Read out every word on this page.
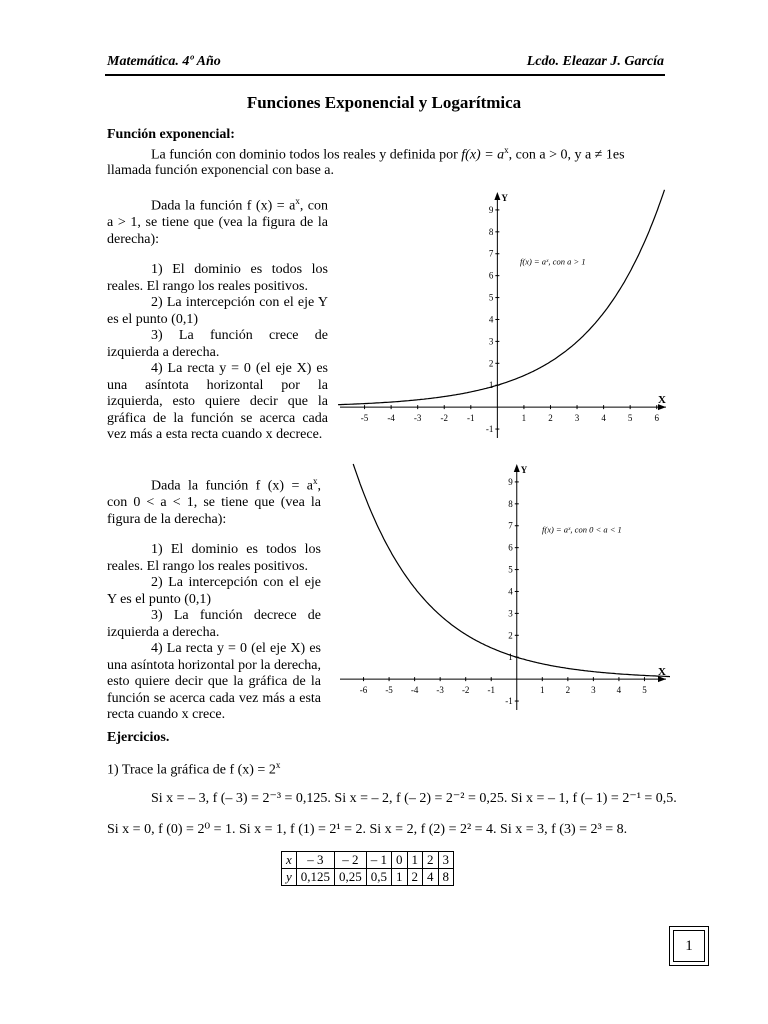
Matemática. 4º Año	Lcdo. Eleazar J. García
Funciones Exponencial y Logarítmica
Función exponencial:
La función con dominio todos los reales y definida por $f(x) = a^x$, con a > 0, y a ≠ 1es
llamada función exponencial con base a.

Dada la función f $(x) = a^x$, con a > 1, se tiene que (vea la figura de la derecha):

1) El dominio es todos los reales. El rango los reales positivos.

2) La intercepción con el eje Y es el punto (0,1)

3) La función crece de izquierda a derecha.

4) La recta y = 0 (el eje X) es una asíntota horizontal por la izquierda, esto quiere decir que la gráfica de la función se acerca cada vez más a esta recta cuando x decrece.

X
Y
-5 -4 -3 -2 -1	1 2 3 4 5 6
-1
1
2
3
4
5
6
7
8
9
f(x) = aˣ, con a > 1

Dada la función f $(x) = a^x$, con 0 < a < 1, se tiene que (vea la figura de la derecha):

1) El dominio es todos los reales. El rango los reales positivos.

2) La intercepción con el eje Y es el punto (0,1)

3) La función decrece de izquierda a derecha.

4) La recta y = 0 (el eje X) es una asíntota horizontal por la derecha, esto quiere decir que la gráfica de la función se acerca cada vez más a esta recta cuando x crece.

X
Y
-6 -5 -4 -3 -2 -1	1 2 3 4 5
-1
1
2
3
4
5
6
7
8
9
f(x) = aˣ, con 0 < a < 1
Ejercicios.
1) Trace la gráfica de f $(x) = 2^x$
Si x = – 3, f (– 3) = 2⁻³ = 0,125. Si x = – 2, f (– 2) = 2⁻² = 0,25. Si x = – 1, f (– 1) = 2⁻¹ = 0,5.
Si x = 0, f (0) = 2⁰ = 1. Si x = 1, f (1) = 2¹ = 2. Si x = 2, f (2) = 2² = 4. Si x = 3, f (3) = 2³ = 8.
x	– 3	– 2	– 1	0	1	2	3
y	0,125	0,25	0,5	1	2	4	8
1
